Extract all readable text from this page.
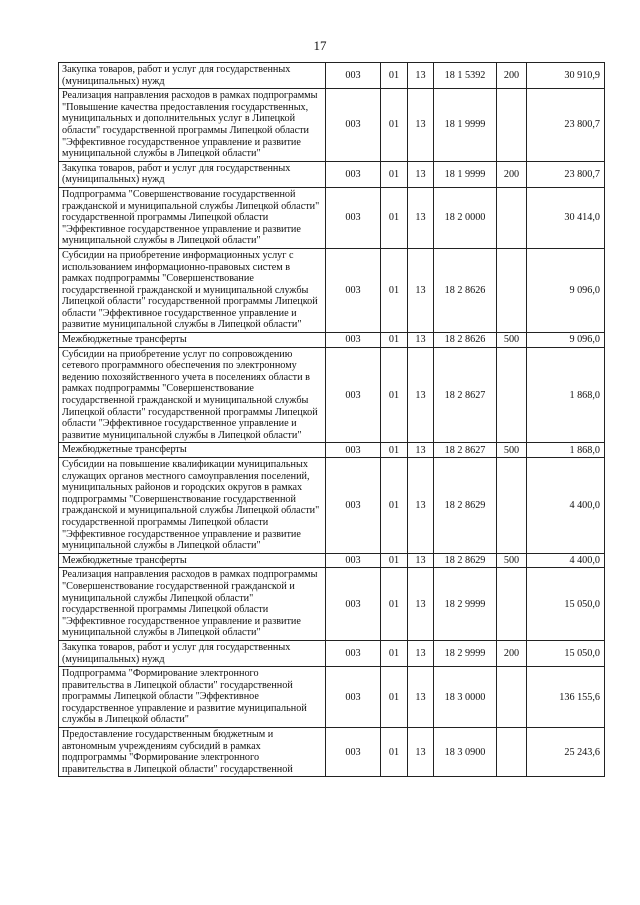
17
Закупка товаров, работ и услуг для государственных (муниципальных) нужд	003	01	13	18 1 5392	200	30 910,9
Реализация направления расходов в рамках подпрограммы "Повышение качества предоставления государственных, муниципальных и дополнительных услуг в Липецкой области" государственной программы Липецкой области "Эффективное государственное управление и развитие муниципальной службы в Липецкой области"	003	01	13	18 1 9999		23 800,7
Закупка товаров, работ и услуг для государственных (муниципальных) нужд	003	01	13	18 1 9999	200	23 800,7
Подпрограмма "Совершенствование государственной гражданской и муниципальной службы Липецкой области" государственной программы Липецкой области "Эффективное государственное управление и развитие муниципальной службы в Липецкой области"	003	01	13	18 2 0000		30 414,0
Субсидии на приобретение информационных услуг с использованием информационно-правовых систем в рамках подпрограммы "Совершенствование государственной гражданской и муниципальной службы Липецкой области" государственной программы Липецкой области "Эффективное государственное управление и развитие муниципальной службы в Липецкой области"	003	01	13	18 2 8626		9 096,0
Межбюджетные трансферты	003	01	13	18 2 8626	500	9 096,0
Субсидии на приобретение услуг по сопровождению сетевого программного обеспечения по электронному ведению похозяйственного учета в поселениях области в рамках подпрограммы "Совершенствование государственной гражданской и муниципальной службы Липецкой области" государственной программы Липецкой области "Эффективное государственное управление и развитие муниципальной службы в Липецкой области"	003	01	13	18 2 8627		1 868,0
Межбюджетные трансферты	003	01	13	18 2 8627	500	1 868,0
Субсидии на повышение квалификации муниципальных служащих органов местного самоуправления поселений, муниципальных районов и городских округов в рамках подпрограммы "Совершенствование государственной гражданской и муниципальной службы Липецкой области" государственной программы Липецкой области "Эффективное государственное управление и развитие муниципальной службы в Липецкой области"	003	01	13	18 2 8629		4 400,0
Межбюджетные трансферты	003	01	13	18 2 8629	500	4 400,0
Реализация направления расходов в рамках подпрограммы "Совершенствование государственной гражданской и муниципальной службы Липецкой области" государственной программы Липецкой области "Эффективное государственное управление и развитие муниципальной службы в Липецкой области"	003	01	13	18 2 9999		15 050,0
Закупка товаров, работ и услуг для государственных (муниципальных) нужд	003	01	13	18 2 9999	200	15 050,0
Подпрограмма "Формирование электронного правительства в Липецкой области" государственной программы Липецкой области "Эффективное государственное управление и развитие муниципальной службы в Липецкой области"	003	01	13	18 3 0000		136 155,6
Предоставление государственным бюджетным и автономным учреждениям субсидий в рамках подпрограммы "Формирование электронного правительства в Липецкой области" государственной	003	01	13	18 3 0900		25 243,6
